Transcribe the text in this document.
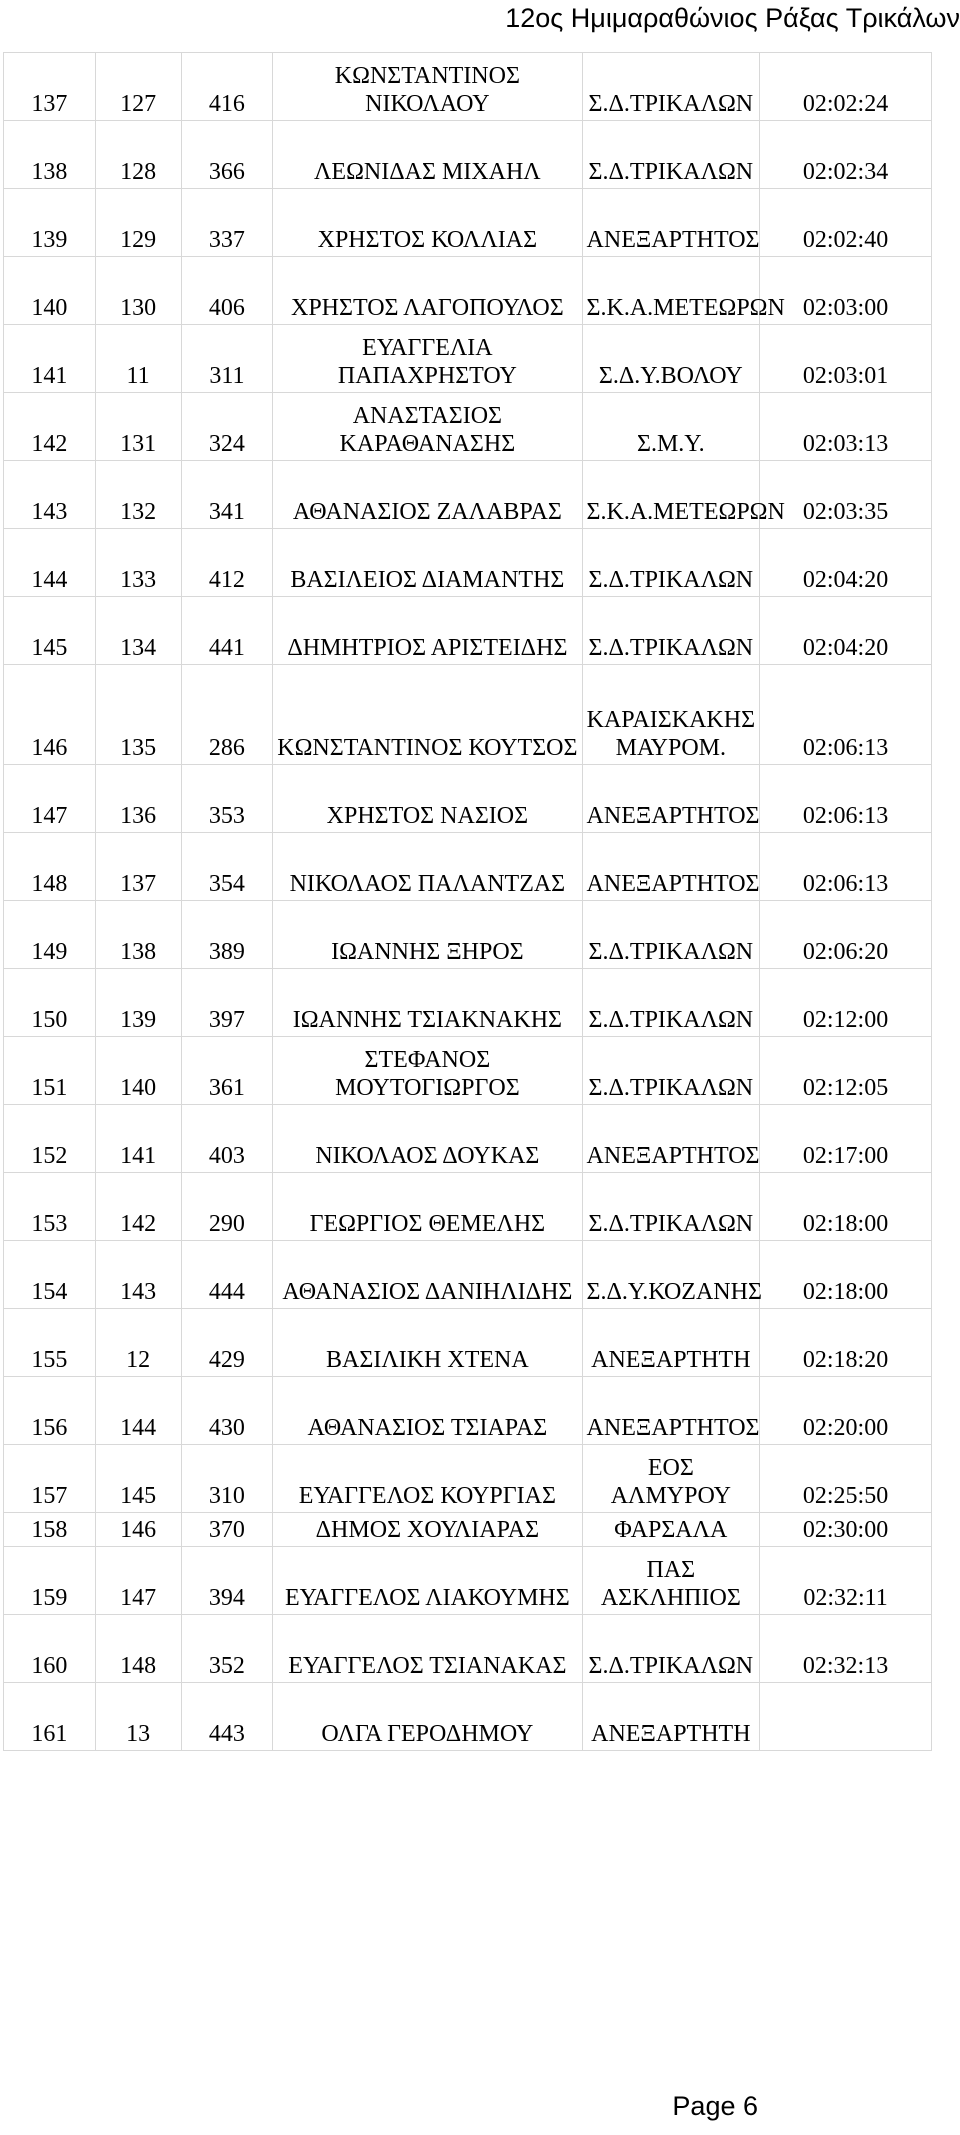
12ος Ημιμαραθώνιος Ράξας Τρικάλων
137	127	416	ΚΩΝΣΤΑΝΤΙΝΟΣ ΝΙΚΟΛΑΟΥ	Σ.Δ.ΤΡΙΚΑΛΩΝ	02:02:24
138	128	366	ΛΕΩΝΙΔΑΣ ΜΙΧΑΗΛ	Σ.Δ.ΤΡΙΚΑΛΩΝ	02:02:34
139	129	337	ΧΡΗΣΤΟΣ ΚΟΛΛΙΑΣ	ΑΝΕΞΑΡΤΗΤΟΣ	02:02:40
140	130	406	ΧΡΗΣΤΟΣ ΛΑΓΟΠΟΥΛΟΣ	Σ.Κ.Α.ΜΕΤΕΩΡΩΝ	02:03:00
141	11	311	ΕΥΑΓΓΕΛΙΑ ΠΑΠΑΧΡΗΣΤΟΥ	Σ.Δ.Υ.ΒΟΛΟΥ	02:03:01
142	131	324	ΑΝΑΣΤΑΣΙΟΣ ΚΑΡΑΘΑΝΑΣΗΣ	Σ.Μ.Υ.	02:03:13
143	132	341	ΑΘΑΝΑΣΙΟΣ ΖΑΛΑΒΡΑΣ	Σ.Κ.Α.ΜΕΤΕΩΡΩΝ	02:03:35
144	133	412	ΒΑΣΙΛΕΙΟΣ ΔΙΑΜΑΝΤΗΣ	Σ.Δ.ΤΡΙΚΑΛΩΝ	02:04:20
145	134	441	ΔΗΜΗΤΡΙΟΣ ΑΡΙΣΤΕΙΔΗΣ	Σ.Δ.ΤΡΙΚΑΛΩΝ	02:04:20
146	135	286	ΚΩΝΣΤΑΝΤΙΝΟΣ ΚΟΥΤΣΟΣ	ΚΑΡΑΙΣΚΑΚΗΣ ΜΑΥΡΟΜ.	02:06:13
147	136	353	ΧΡΗΣΤΟΣ ΝΑΣΙΟΣ	ΑΝΕΞΑΡΤΗΤΟΣ	02:06:13
148	137	354	ΝΙΚΟΛΑΟΣ ΠΑΛΑΝΤΖΑΣ	ΑΝΕΞΑΡΤΗΤΟΣ	02:06:13
149	138	389	ΙΩΑΝΝΗΣ ΞΗΡΟΣ	Σ.Δ.ΤΡΙΚΑΛΩΝ	02:06:20
150	139	397	ΙΩΑΝΝΗΣ ΤΣΙΑΚΝΑΚΗΣ	Σ.Δ.ΤΡΙΚΑΛΩΝ	02:12:00
151	140	361	ΣΤΕΦΑΝΟΣ ΜΟΥΤΟΓΙΩΡΓΟΣ	Σ.Δ.ΤΡΙΚΑΛΩΝ	02:12:05
152	141	403	ΝΙΚΟΛΑΟΣ ΔΟΥΚΑΣ	ΑΝΕΞΑΡΤΗΤΟΣ	02:17:00
153	142	290	ΓΕΩΡΓΙΟΣ ΘΕΜΕΛΗΣ	Σ.Δ.ΤΡΙΚΑΛΩΝ	02:18:00
154	143	444	ΑΘΑΝΑΣΙΟΣ ΔΑΝΙΗΛΙΔΗΣ	Σ.Δ.Υ.ΚΟΖΑΝΗΣ	02:18:00
155	12	429	ΒΑΣΙΛΙΚΗ ΧΤΕΝΑ	ΑΝΕΞΑΡΤΗΤΗ	02:18:20
156	144	430	ΑΘΑΝΑΣΙΟΣ ΤΣΙΑΡΑΣ	ΑΝΕΞΑΡΤΗΤΟΣ	02:20:00
157	145	310	ΕΥΑΓΓΕΛΟΣ ΚΟΥΡΓΙΑΣ	ΕΟΣ ΑΛΜΥΡΟΥ	02:25:50
158	146	370	ΔΗΜΟΣ ΧΟΥΛΙΑΡΑΣ	ΦΑΡΣΑΛΑ	02:30:00
159	147	394	ΕΥΑΓΓΕΛΟΣ ΛΙΑΚΟΥΜΗΣ	ΠΑΣ ΑΣΚΛΗΠΙΟΣ	02:32:11
160	148	352	ΕΥΑΓΓΕΛΟΣ ΤΣΙΑΝΑΚΑΣ	Σ.Δ.ΤΡΙΚΑΛΩΝ	02:32:13
161	13	443	ΟΛΓΑ ΓΕΡΟΔΗΜΟΥ	ΑΝΕΞΑΡΤΗΤΗ	
Page 6
